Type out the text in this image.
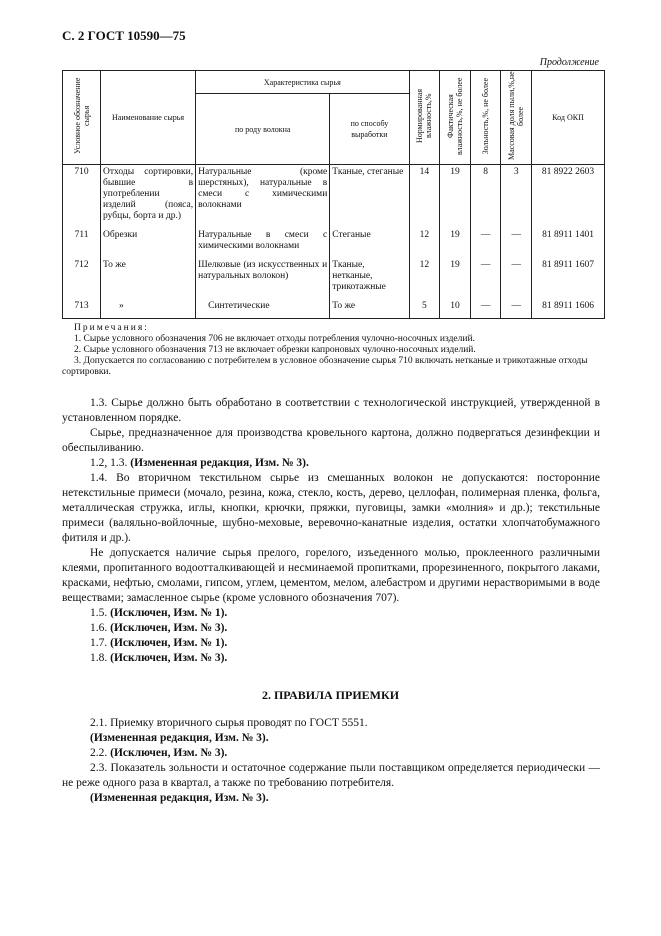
С. 2 ГОСТ 10590—75
Продолжение
Условное обозначение сырья	Наименование сырья	Характеристика сырья		Нормированная влажность,%	Фактическая влажность,%, не более	Зольность,%, не более	Массовая доля пыли,%,не более	Код ОКП
		по роду волокна	по способу выработки					
710	Отходы сортировки, бывшие в употреблении изделий (пояса, рубцы, борта и др.)	Натуральные (кроме шерстяных), натуральные в смеси с химическими волокнами	Тканые, стеганые	14	19	8	3	81 8922 2603
711	Обрезки	Натуральные в смеси с химическими волокнами	Стеганые	12	19	—	—	81 8911 1401
712	То же	Шелковые (из искусственных и натуральных волокон)	Тканые, нетканые, трикотажные	12	19	—	—	81 8911 1607
713	»	Синтетические	То же	5	10	—	—	81 8911 1606

Примечания:

1. Сырье условного обозначения 706 не включает отходы потребления чулочно-носочных изделий.

2. Сырье условного обозначения 713 не включает обрезки капроновых чулочно-носочных изделий.

3. Допускается по согласованию с потребителем в условное обозначение сырья 710 включать нетканые и трикотажные отходы сортировки.

1.3. Сырье должно быть обработано в соответствии с технологической инструкцией, утвержденной в установленном порядке.

Сырье, предназначенное для производства кровельного картона, должно подвергаться дезинфекции и обеспыливанию.

1.2, 1.3. (Измененная редакция, Изм. № 3).

1.4. Во вторичном текстильном сырье из смешанных волокон не допускаются: посторонние нетекстильные примеси (мочало, резина, кожа, стекло, кость, дерево, целлофан, полимерная пленка, фольга, металлическая стружка, иглы, кнопки, крючки, пряжки, пуговицы, замки «молния» и др.); текстильные примеси (валяльно-войлочные, шубно-меховые, веревочно-канатные изделия, остатки хлопчатобумажного фитиля и др.).

Не допускается наличие сырья прелого, горелого, изъеденного молью, проклеенного различными клеями, пропитанного водоотталкивающей и несминаемой пропитками, прорезиненного, покрытого лаками, красками, нефтью, смолами, гипсом, углем, цементом, мелом, алебастром и другими нерастворимыми в воде веществами; замасленное сырье (кроме условного обозначения 707).

1.5. (Исключен, Изм. № 1).

1.6. (Исключен, Изм. № 3).

1.7. (Исключен, Изм. № 1).

1.8. (Исключен, Изм. № 3).

2. ПРАВИЛА ПРИЕМКИ

2.1. Приемку вторичного сырья проводят по ГОСТ 5551.

(Измененная редакция, Изм. № 3).

2.2. (Исключен, Изм. № 3).

2.3. Показатель зольности и остаточное содержание пыли поставщиком определяется периодически — не реже одного раза в квартал, а также по требованию потребителя.

(Измененная редакция, Изм. № 3).
